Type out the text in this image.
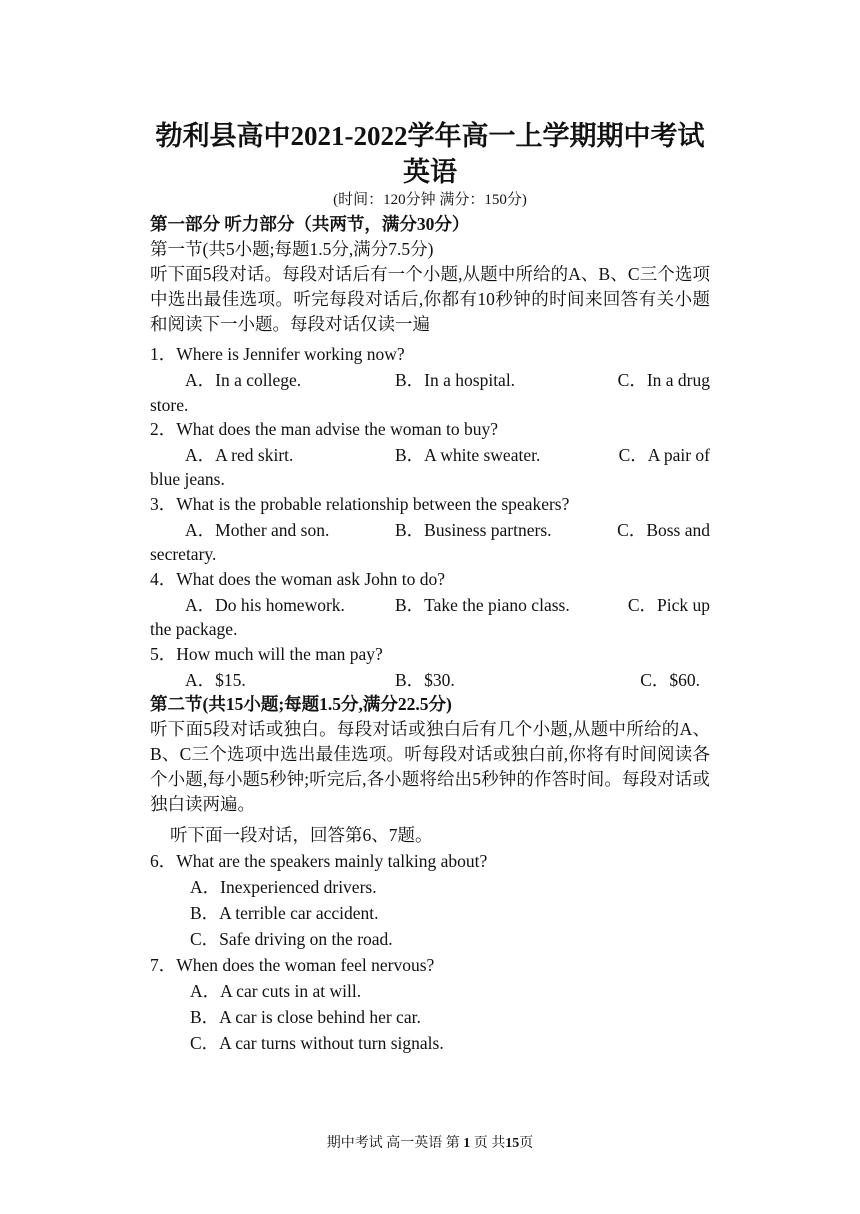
勃利县高中2021-2022学年高一上学期期中考试
英语
(时间：120分钟 满分：150分)
第一部分 听力部分（共两节，满分30分）
第一节(共5小题;每题1.5分,满分7.5分)
听下面5段对话。每段对话后有一个小题,从题中所给的A、B、C三个选项中选出最佳选项。听完每段对话后,你都有10秒钟的时间来回答有关小题和阅读下一小题。每段对话仅读一遍
1．Where is Jennifer working now?
A．In a college.	B．In a hospital.	C．In a drug
store.
2．What does the man advise the woman to buy?
A．A red skirt.	B．A white sweater.	C．A pair of
blue jeans.
3．What is the probable relationship between the speakers?
A．Mother and son.	B．Business partners.	C．Boss and
secretary.
4．What does the woman ask John to do?
A．Do his homework.	B．Take the piano class.	C．Pick up
the package.
5．How much will the man pay?
A．$15.	B．$30.	C．$60.
第二节(共15小题;每题1.5分,满分22.5分)
听下面5段对话或独白。每段对话或独白后有几个小题,从题中所给的A、B、C三个选项中选出最佳选项。听每段对话或独白前,你将有时间阅读各个小题,每小题5秒钟;听完后,各小题将给出5秒钟的作答时间。每段对话或独白读两遍。
听下面一段对话，回答第6、7题。
6．What are the speakers mainly talking about?
A．Inexperienced drivers.
B．A terrible car accident.
C．Safe driving on the road.
7．When does the woman feel nervous?
A．A car cuts in at will.
B．A car is close behind her car.
C．A car turns without turn signals.
期中考试 高一英语 第 1 页 共15页
